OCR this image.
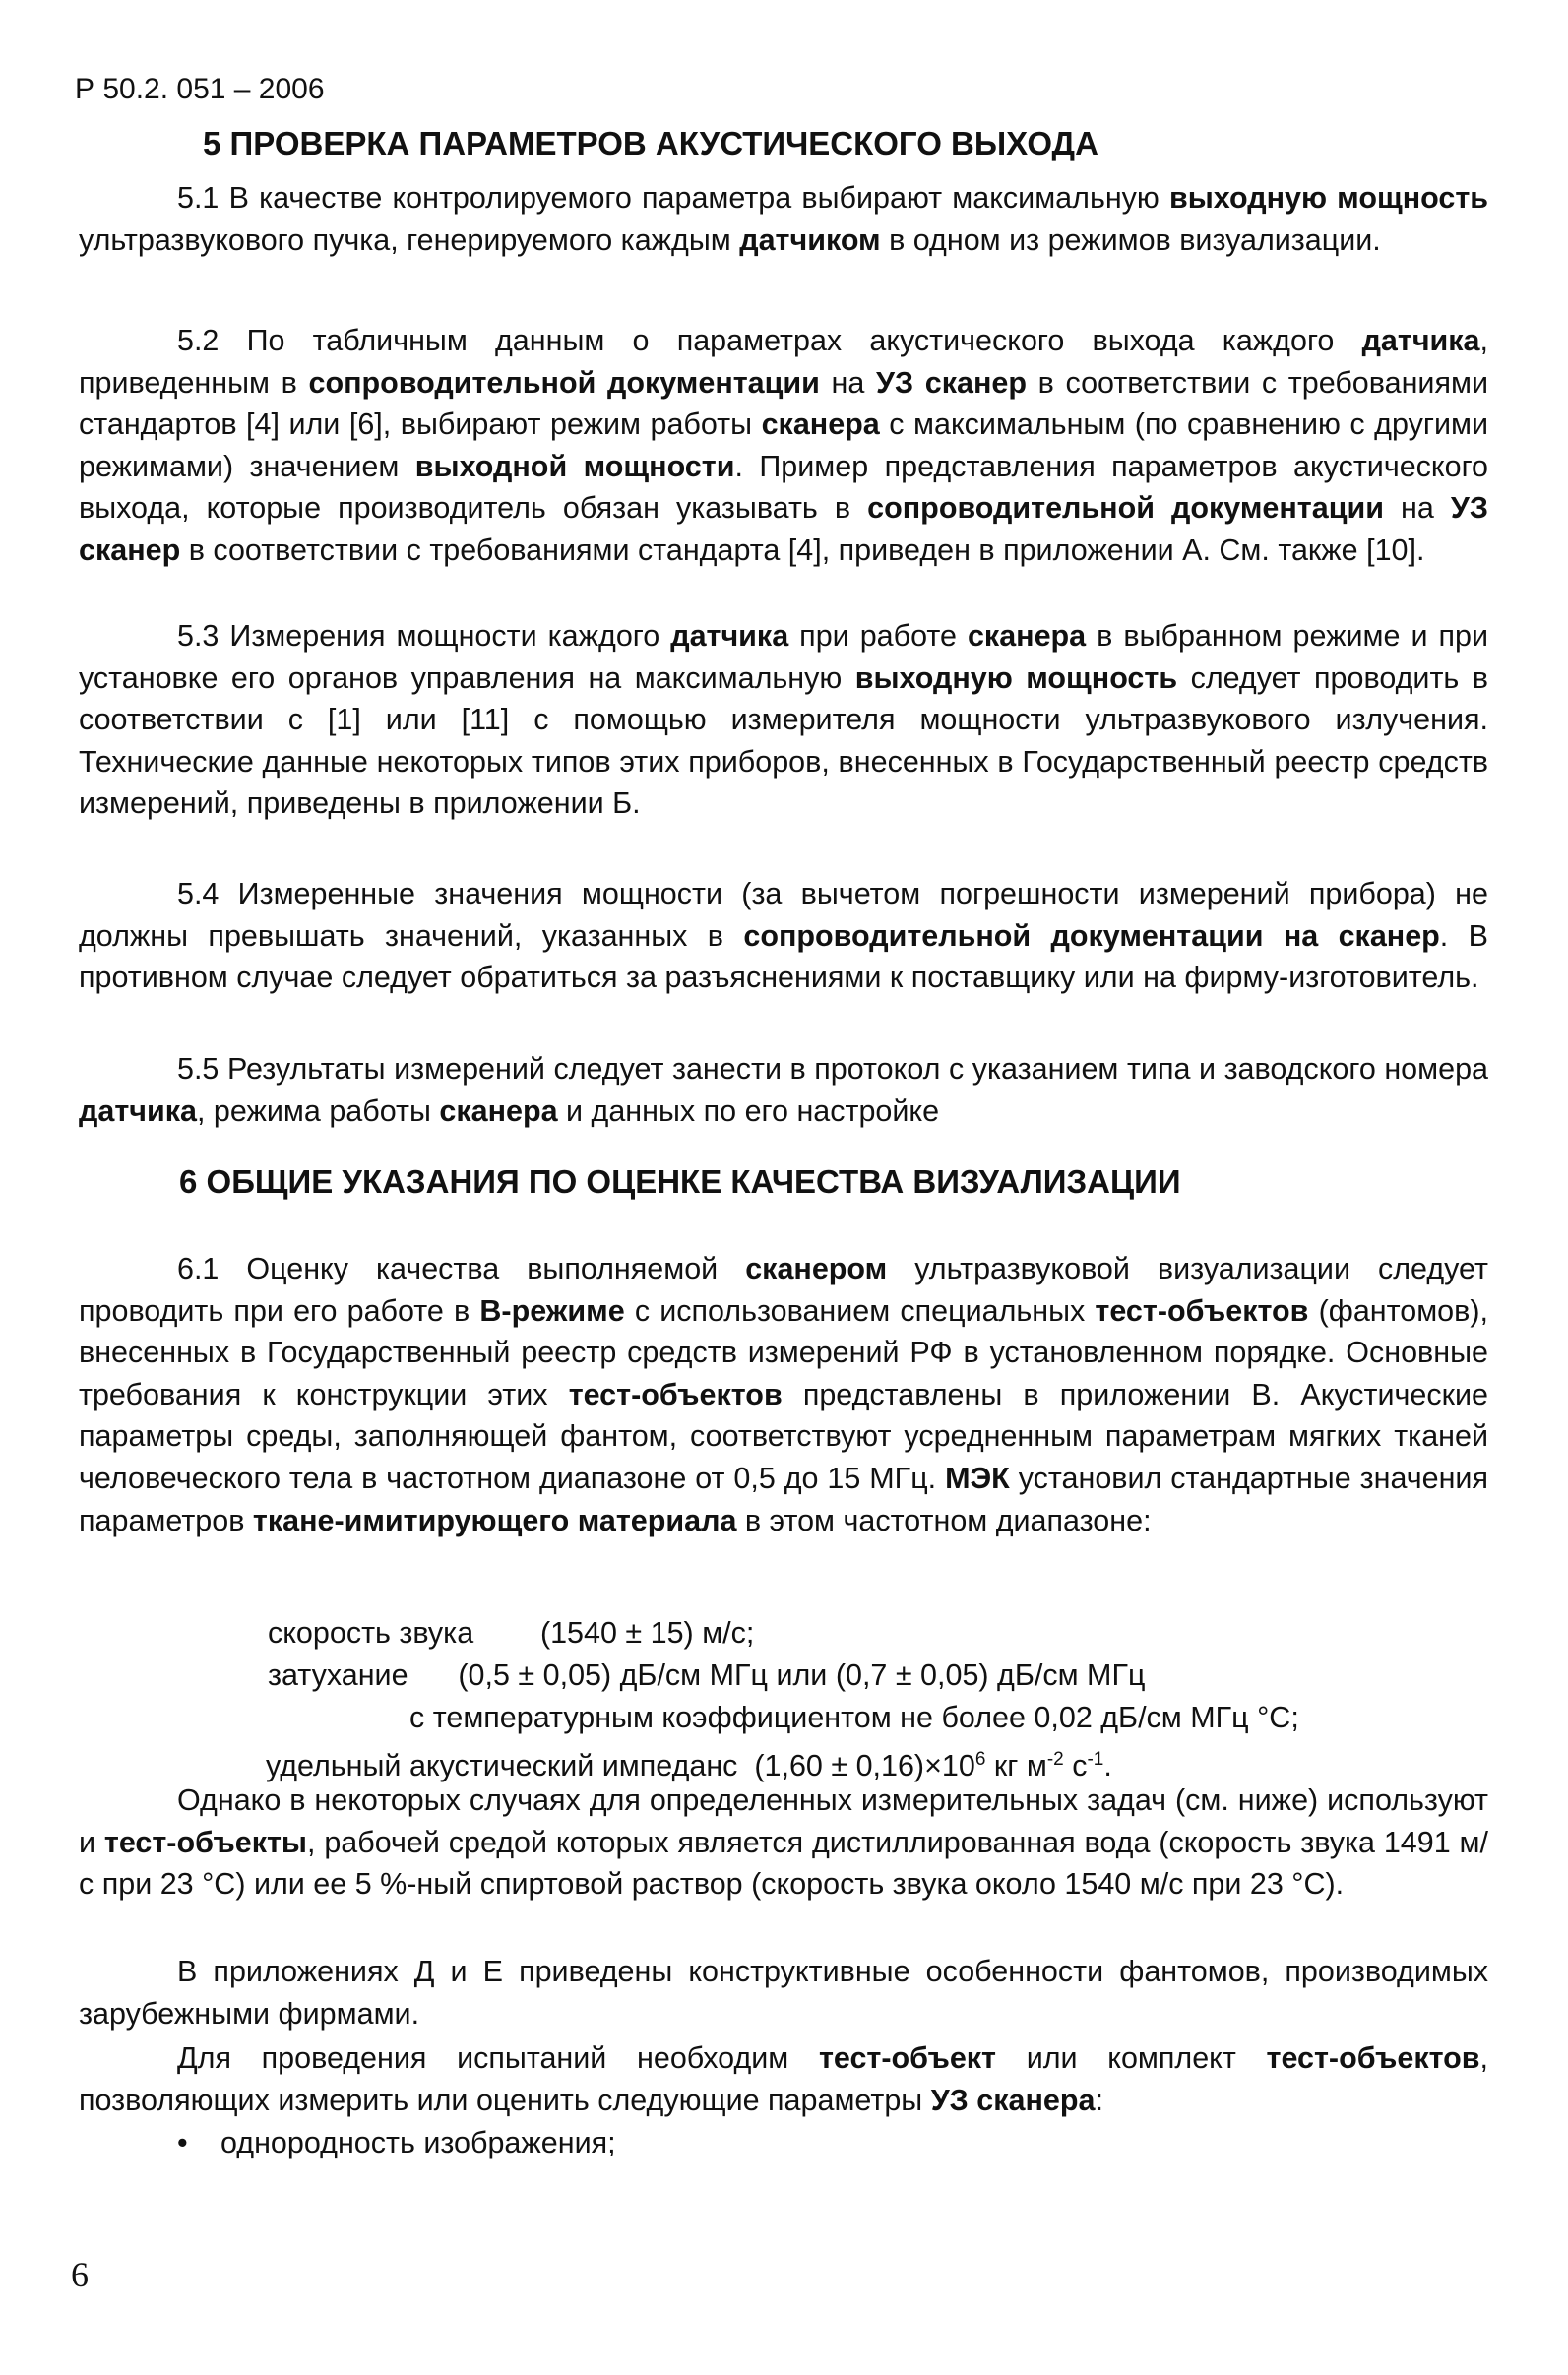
Р 50.2. 051 – 2006
5 ПРОВЕРКА ПАРАМЕТРОВ АКУСТИЧЕСКОГО ВЫХОДА
5.1 В качестве контролируемого параметра выбирают максимальную выходную мощность ультразвукового пучка, генерируемого каждым датчиком в одном из режимов визуализации.
5.2 По табличным данным о параметрах акустического выхода каждого датчика, приведенным в сопроводительной документации на УЗ сканер в соответствии с требованиями стандартов [4] или [6], выбирают режим работы сканера с максимальным (по сравнению с другими режимами) значением выходной мощности. Пример представления параметров акустического выхода, которые производитель обязан указывать в сопроводительной документации на УЗ сканер в соответствии с требованиями стандарта [4], приведен в приложении А. См. также [10].
5.3 Измерения мощности каждого датчика при работе сканера в выбранном режиме и при установке его органов управления на максимальную выходную мощность следует проводить в соответствии с [1] или [11] с помощью измерителя мощности ультразвукового излучения. Технические данные некоторых типов этих приборов, внесенных в Государственный реестр средств измерений, приведены в приложении Б.
5.4 Измеренные значения мощности (за вычетом погрешности измерений прибора) не должны превышать значений, указанных в сопроводительной документации на сканер. В противном случае следует обратиться за разъяснениями к поставщику или на фирму-изготовитель.
5.5 Результаты измерений следует занести в протокол с указанием типа и заводского номера датчика, режима работы сканера и данных по его настройке
6 ОБЩИЕ УКАЗАНИЯ ПО ОЦЕНКЕ КАЧЕСТВА ВИЗУАЛИЗАЦИИ
6.1 Оценку качества выполняемой сканером ультразвуковой визуализации следует проводить при его работе в В-режиме с использованием специальных тест-объектов (фантомов), внесенных в Государственный реестр средств измерений РФ в установленном порядке. Основные требования к конструкции этих тест-объектов представлены в приложении В. Акустические параметры среды, заполняющей фантом, соответствуют усредненным параметрам мягких тканей человеческого тела в частотном диапазоне от 0,5 до 15 МГц. МЭК установил стандартные значения параметров ткане-имитирующего материала в этом частотном диапазоне:
скорость звука        (1540 ± 15) м/с;
затухание      (0,5 ± 0,05) дБ/см МГц или (0,7 ± 0,05) дБ/см МГц
с температурным коэффициентом не более 0,02 дБ/см МГц °С;
удельный акустический импеданс  $(1,60 \pm 0,16)\times 10^6$ кг $м^{-2}$ $с^{-1}$.
Однако в некоторых случаях для определенных измерительных задач (см. ниже) используют и тест-объекты, рабочей средой которых является дистиллированная вода (скорость звука 1491 м/с при 23 °С) или ее 5 %-ный спиртовой раствор (скорость звука около 1540 м/с при 23 °С).
В приложениях Д и Е приведены конструктивные особенности фантомов, производимых зарубежными фирмами.
Для проведения испытаний необходим тест-объект или комплект тест-объектов, позволяющих измерить или оценить следующие параметры УЗ сканера:
• однородность изображения;
6
